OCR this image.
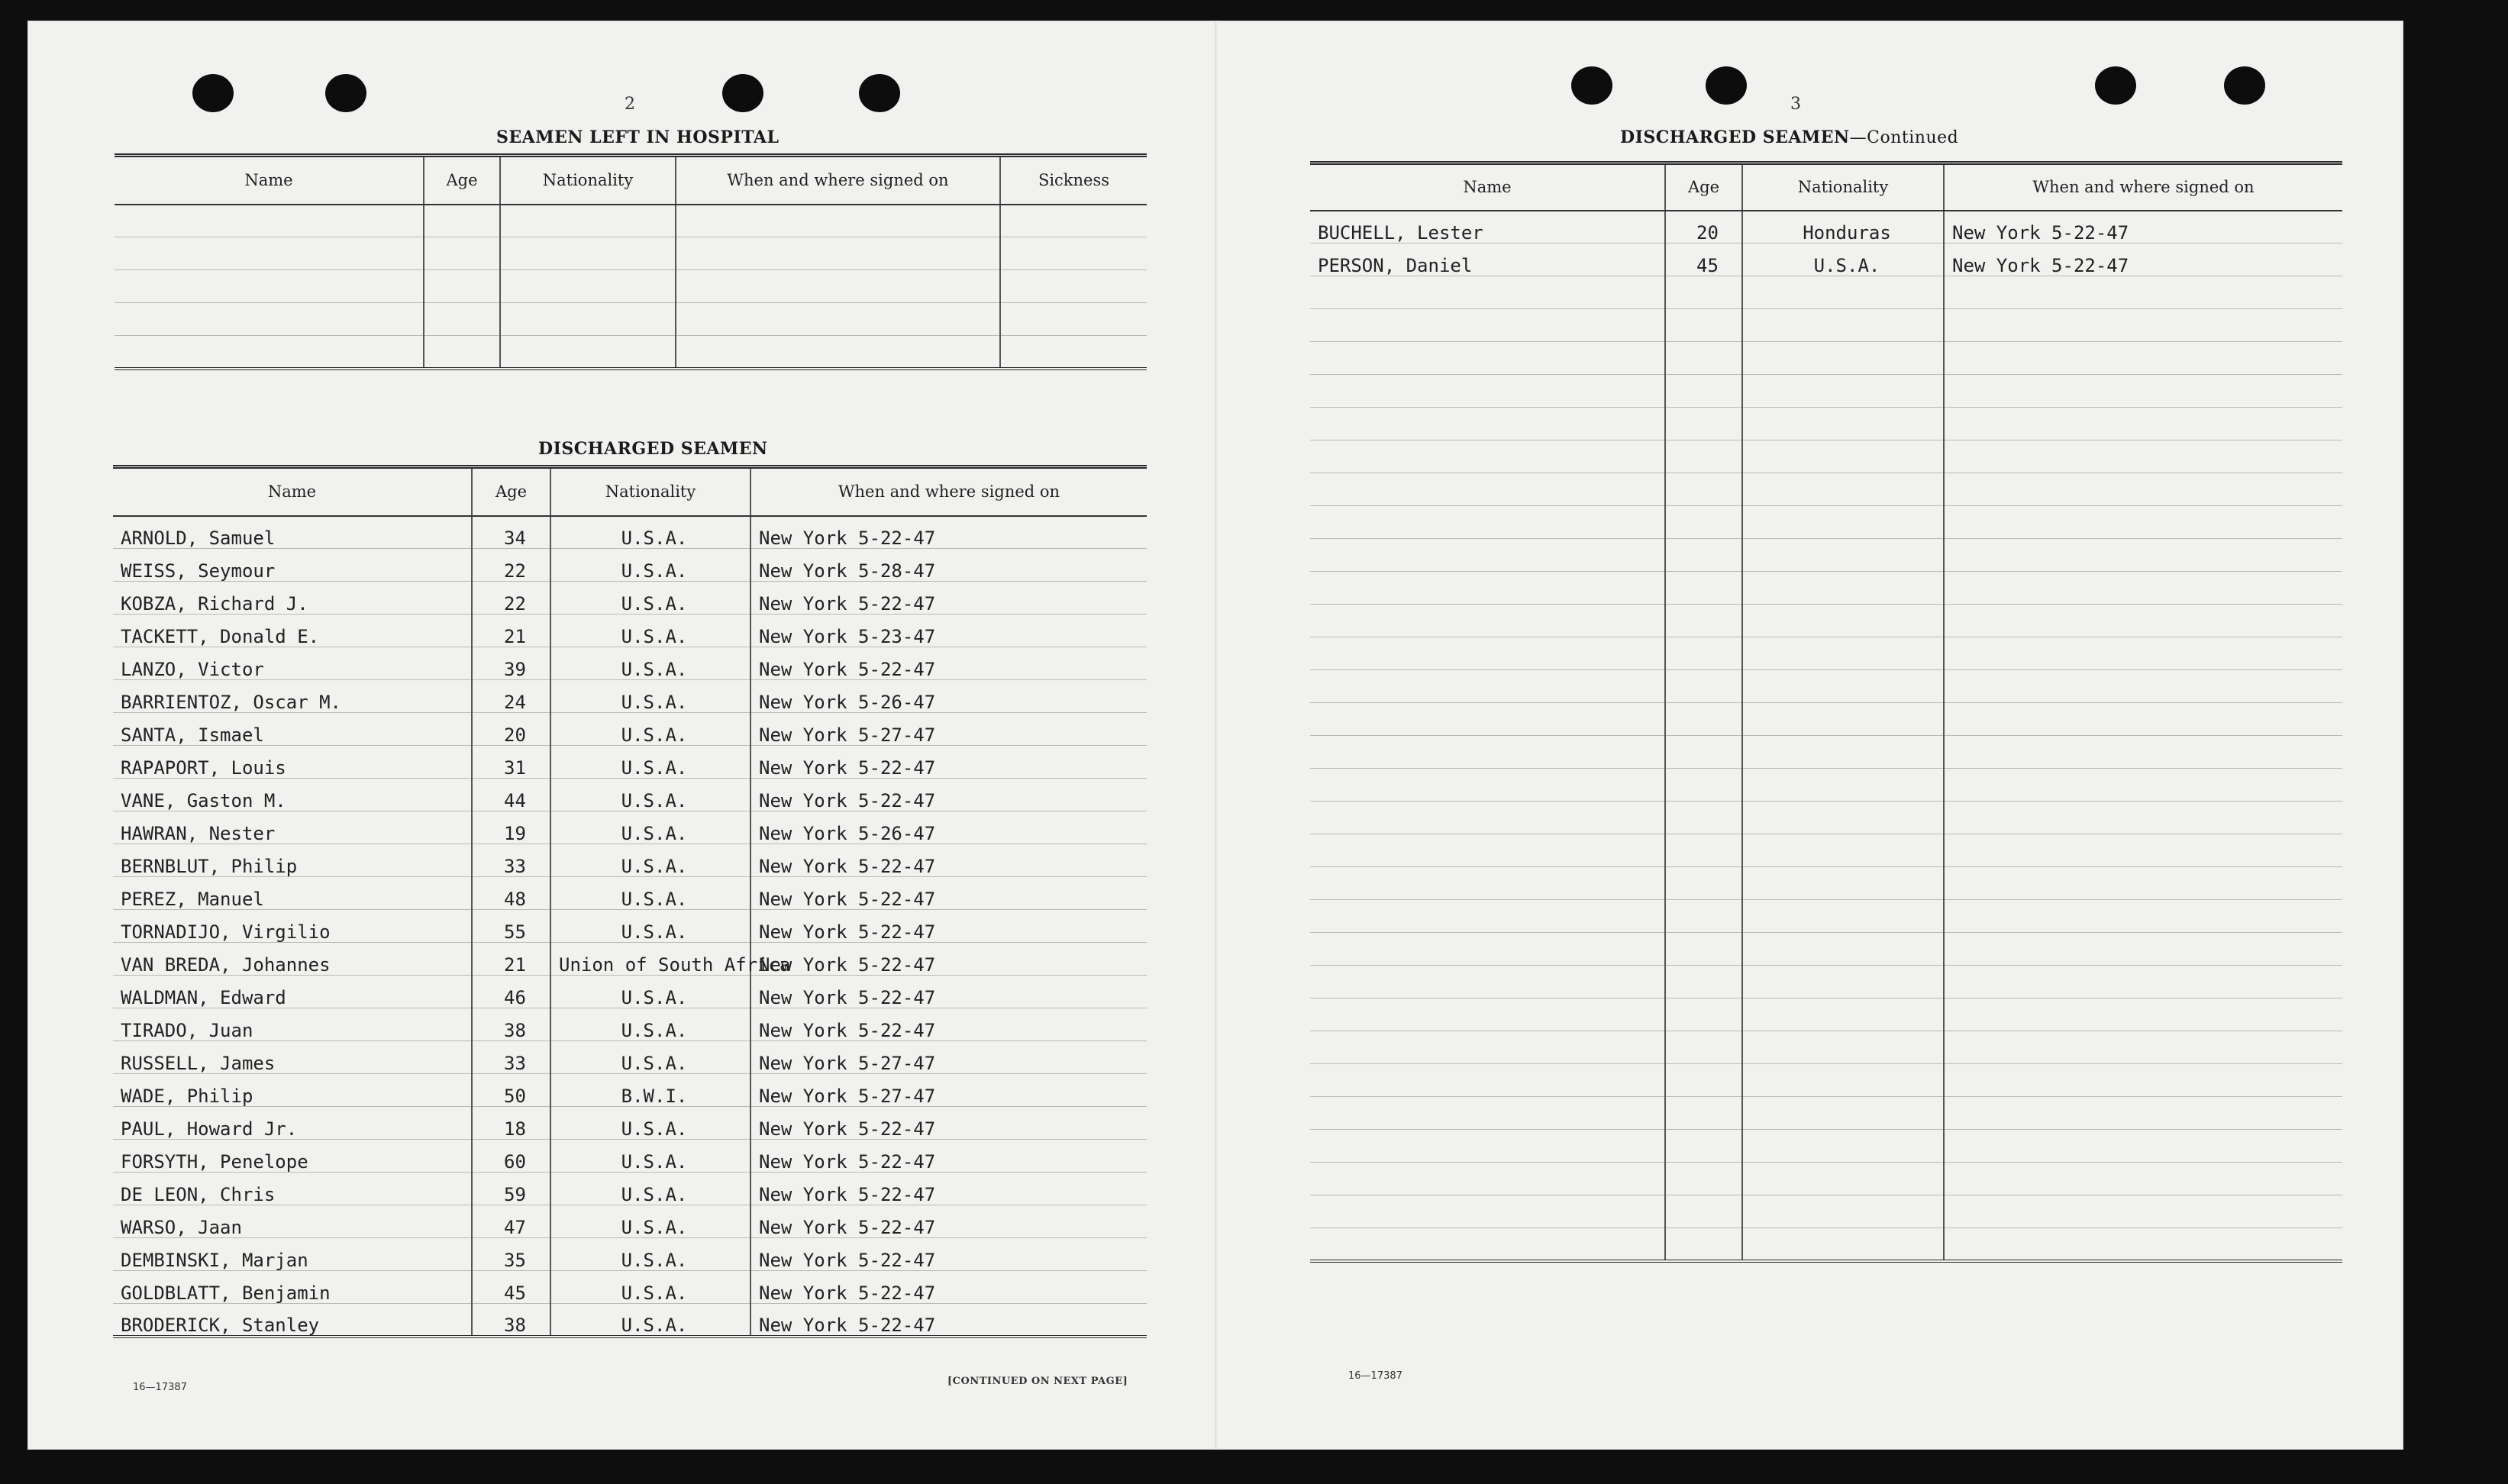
2
SEAMEN LEFT IN HOSPITAL
Name	Age	Nationality	When and where signed on	Sickness

DISCHARGED SEAMEN
Name	Age	Nationality	When and where signed on
ARNOLD, Samuel	34	U.S.A.	New York 5-22-47
WEISS, Seymour	22	U.S.A.	New York 5-28-47
KOBZA, Richard J.	22	U.S.A.	New York 5-22-47
TACKETT, Donald E.	21	U.S.A.	New York 5-23-47
LANZO, Victor	39	U.S.A.	New York 5-22-47
BARRIENTOZ, Oscar M.	24	U.S.A.	New York 5-26-47
SANTA, Ismael	20	U.S.A.	New York 5-27-47
RAPAPORT, Louis	31	U.S.A.	New York 5-22-47
VANE, Gaston M.	44	U.S.A.	New York 5-22-47
HAWRAN, Nester	19	U.S.A.	New York 5-26-47
BERNBLUT, Philip	33	U.S.A.	New York 5-22-47
PEREZ, Manuel	48	U.S.A.	New York 5-22-47
TORNADIJO, Virgilio	55	U.S.A.	New York 5-22-47
VAN BREDA, Johannes	21	Union of South Africa	New York 5-22-47
WALDMAN, Edward	46	U.S.A.	New York 5-22-47
TIRADO, Juan	38	U.S.A.	New York 5-22-47
RUSSELL, James	33	U.S.A.	New York 5-27-47
WADE, Philip	50	B.W.I.	New York 5-27-47
PAUL, Howard Jr.	18	U.S.A.	New York 5-22-47
FORSYTH, Penelope	60	U.S.A.	New York 5-22-47
DE LEON, Chris	59	U.S.A.	New York 5-22-47
WARSO, Jaan	47	U.S.A.	New York 5-22-47
DEMBINSKI, Marjan	35	U.S.A.	New York 5-22-47
GOLDBLATT, Benjamin	45	U.S.A.	New York 5-22-47
BRODERICK, Stanley	38	U.S.A.	New York 5-22-47
16—17387
[CONTINUED ON NEXT PAGE]
3
DISCHARGED SEAMEN—Continued
Name	Age	Nationality	When and where signed on
BUCHELL, Lester	20	Honduras	New York 5-22-47
PERSON, Daniel	45	U.S.A.	New York 5-22-47

16—17387
